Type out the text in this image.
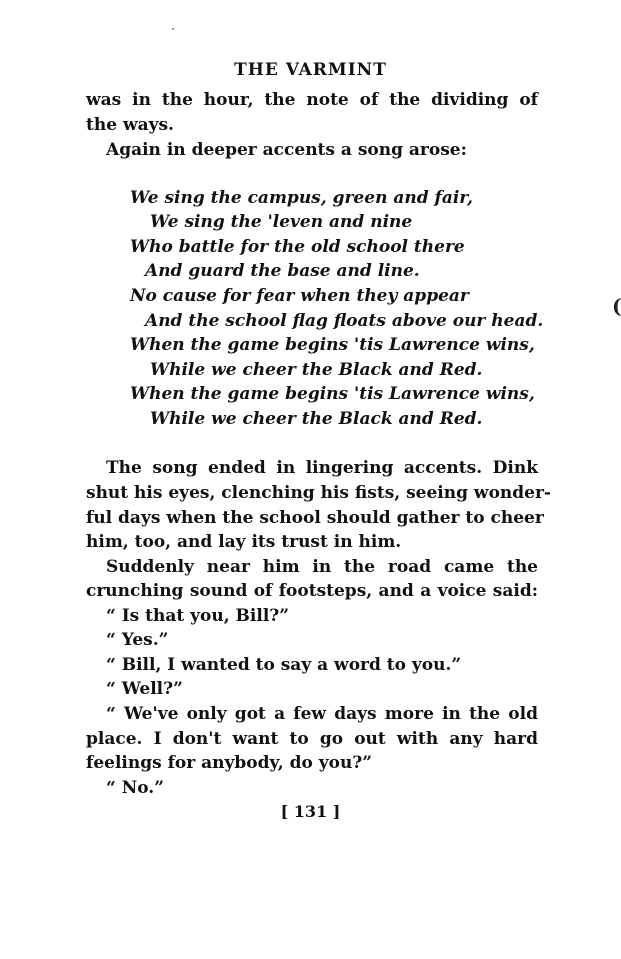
THE VARMINT
was in the hour, the note of the dividing of
the ways.
Again in deeper accents a song arose:
We sing the campus, green and fair,
We sing the 'leven and nine
Who battle for the old school there
And guard the base and line.
No cause for fear when they appear
And the school flag floats above our head.
When the game begins 'tis Lawrence wins,
While we cheer the Black and Red.
When the game begins 'tis Lawrence wins,
While we cheer the Black and Red.
The song ended in lingering accents. Dink
shut his eyes, clenching his fists, seeing wonder-
ful days when the school should gather to cheer
him, too, and lay its trust in him.
Suddenly near him in the road came the
crunching sound of footsteps, and a voice said:
“ Is that you, Bill?”
“ Yes.”
“ Bill, I wanted to say a word to you.”
“ Well?”
“ We've only got a few days more in the old
place. I don't want to go out with any hard
feelings for anybody, do you?”
“ No.”
[ 131 ]
(
